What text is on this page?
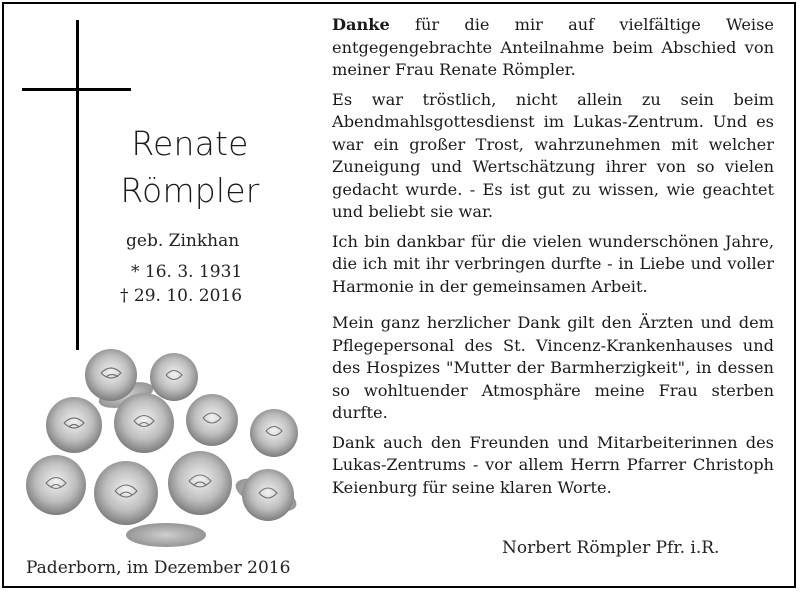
Renate
Römpler
geb. Zinkhan
* 16. 3. 1931
† 29. 10. 2016
Paderborn, im Dezember 2016

Danke für die mir auf vielfältige Weise entgegengebrachte Anteilnahme beim Abschied von meiner Frau Renate Römpler.

Es war tröstlich, nicht allein zu sein beim Abendmahlsgottesdienst im Lukas-Zentrum. Und es war ein großer Trost, wahrzunehmen mit welcher Zuneigung und Wertschätzung ihrer von so vielen gedacht wurde. - Es ist gut zu wissen, wie geachtet und beliebt sie war.

Ich bin dankbar für die vielen wunderschönen Jahre, die ich mit ihr verbringen durfte - in Liebe und voller Harmonie in der gemeinsamen Arbeit.

Mein ganz herzlicher Dank gilt den Ärzten und dem Pflegepersonal des St. Vincenz-Krankenhauses und des Hospizes "Mutter der Barmherzigkeit", in dessen so wohltuender Atmosphäre meine Frau sterben durfte.

Dank auch den Freunden und Mitarbeiterinnen des Lukas-Zentrums - vor allem Herrn Pfarrer Christoph Keienburg für seine klaren Worte.

Norbert Römpler Pfr. i.R.
